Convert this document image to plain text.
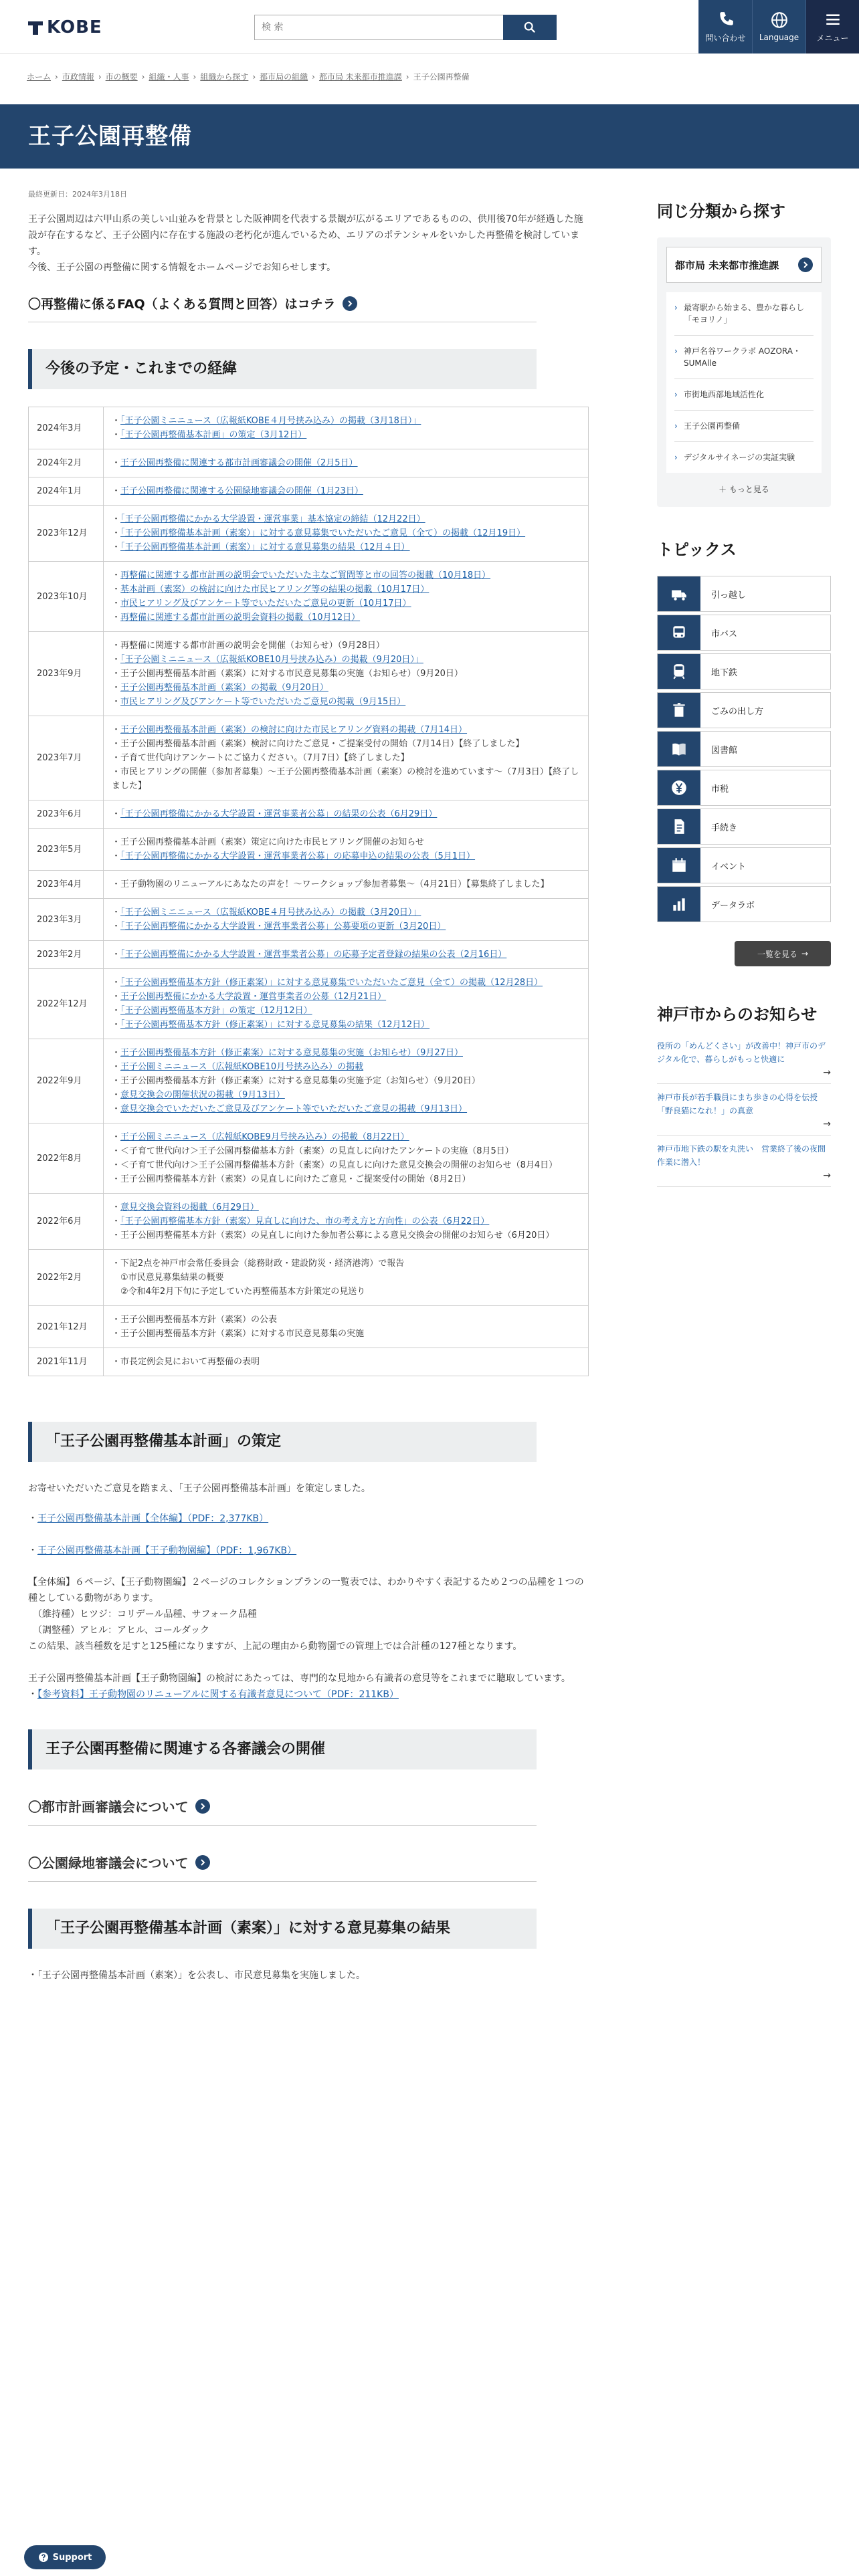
KOBE
検 索
問い合わせ Language メニュー
ホーム › 市政情報 › 市の概要 › 組織・人事 › 組織から探す › 都市局の組織 › 都市局 未来都市推進課 › 王子公園再整備
王子公園再整備
最終更新日：2024年3月18日
王子公園周辺は六甲山系の美しい山並みを背景とした阪神間を代表する景観が広がるエリアであるものの、供用後70年が経過した施設が存在するなど、王子公園内に存在する施設の老朽化が進んでいるため、エリアのポテンシャルをいかした再整備を検討しています。
今後、王子公園の再整備に関する情報をホームページでお知らせします。
〇再整備に係るFAQ（よくある質問と回答）はコチラ
今後の予定・これまでの経緯
2024年3月	・「王子公園ミニニュース（広報紙KOBE４月号挟み込み）の掲載（3月18日）」
・「王子公園再整備基本計画」の策定（3月12日）

2024年2月	・王子公園再整備に関連する都市計画審議会の開催（2月5日）

2024年1月	・王子公園再整備に関連する公園緑地審議会の開催（1月23日）

2023年12月	・「王子公園再整備にかかる大学設置・運営事業」基本協定の締結（12月22日）
・「王子公園再整備基本計画（素案）」に対する意見募集でいただいたご意見（全て）の掲載（12月19日）
・「王子公園再整備基本計画（素案）」に対する意見募集の結果（12月４日）

2023年10月	・再整備に関連する都市計画の説明会でいただいた主なご質問等と市の回答の掲載（10月18日）
・基本計画（素案）の検討に向けた市民ヒアリング等の結果の掲載（10月17日）
・市民ヒアリング及びアンケート等でいただいたご意見の更新（10月17日）
・再整備に関連する都市計画の説明会資料の掲載（10月12日）

2023年9月	・再整備に関連する都市計画の説明会を開催（お知らせ）（9月28日）
・「王子公園ミニニュース（広報紙KOBE10月号挟み込み）の掲載（9月20日）」
・王子公園再整備基本計画（素案）に対する市民意見募集の実施（お知らせ）（9月20日）
・王子公園再整備基本計画（素案）の掲載（9月20日）
・市民ヒアリング及びアンケート等でいただいたご意見の掲載（9月15日）

2023年7月	・王子公園再整備基本計画（素案）の検討に向けた市民ヒアリング資料の掲載（7月14日）
・王子公園再整備基本計画（素案）検討に向けたご意見・ご提案受付の開始（7月14日）【終了しました】
・子育て世代向けアンケートにご協力ください。（7月7日）【終了しました】
・市民ヒアリングの開催（参加者募集）～王子公園再整備基本計画（素案）の検討を進めています～（7月3日）【終了しました】

2023年6月	・「王子公園再整備にかかる大学設置・運営事業者公募」の結果の公表（6月29日）

2023年5月	・王子公園再整備基本計画（素案）策定に向けた市民ヒアリング開催のお知らせ
・「王子公園再整備にかかる大学設置・運営事業者公募」の応募申込の結果の公表（5月1日）

2023年4月	・王子動物園のリニューアルにあなたの声を！～ワークショップ参加者募集～（4月21日）【募集終了しました】

2023年3月	・「王子公園ミニニュース（広報紙KOBE４月号挟み込み）の掲載（3月20日）」
・「王子公園再整備にかかる大学設置・運営事業者公募」公募要項の更新（3月20日）

2023年2月	・「王子公園再整備にかかる大学設置・運営事業者公募」の応募予定者登録の結果の公表（2月16日）

2022年12月	・「王子公園再整備基本方針（修正素案）」に対する意見募集でいただいたご意見（全て）の掲載（12月28日）
・王子公園再整備にかかる大学設置・運営事業者の公募（12月21日）
・「王子公園再整備基本方針」の策定（12月12日）
・「王子公園再整備基本方針（修正素案）」に対する意見募集の結果（12月12日）

2022年9月	・王子公園再整備基本方針（修正素案）に対する意見募集の実施（お知らせ）（9月27日）
・王子公園ミニニュース（広報紙KOBE10月号挟み込み）の掲載
・王子公園再整備基本方針（修正素案）に対する意見募集の実施予定（お知らせ）（9月20日）
・意見交換会の開催状況の掲載（9月13日）
・意見交換会でいただいたご意見及びアンケート等でいただいたご意見の掲載（9月13日）

2022年8月	・王子公園ミニニュース（広報紙KOBE9月号挟み込み）の掲載（8月22日）
・＜子育て世代向け＞王子公園再整備基本方針（素案）の見直しに向けたアンケートの実施（8月5日）
・＜子育て世代向け＞王子公園再整備基本方針（素案）の見直しに向けた意見交換会の開催のお知らせ（8月4日）
・王子公園再整備基本方針（素案）の見直しに向けたご意見・ご提案受付の開始（8月2日）

2022年6月	・意見交換会資料の掲載（6月29日）
・「王子公園再整備基本方針（素案）見直しに向けた、市の考え方と方向性」の公表（6月22日）
・王子公園再整備基本方針（素案）の見直しに向けた参加者公募による意見交換会の開催のお知らせ（6月20日）

2022年2月	・下記2点を神戸市会常任委員会（総務財政・建設防災・経済港湾）で報告
　①市民意見募集結果の概要
　②令和4年2月下旬に予定していた再整備基本方針策定の見送り

2021年12月	・王子公園再整備基本方針（素案）の公表
・王子公園再整備基本方針（素案）に対する市民意見募集の実施

2021年11月	・市長定例会見において再整備の表明
「王子公園再整備基本計画」の策定
お寄せいただいたご意見を踏まえ、「王子公園再整備基本計画」を策定しました。
・ 王子公園再整備基本計画【全体編】（PDF：2,377KB）
・ 王子公園再整備基本計画【王子動物園編】（PDF：1,967KB）
【全体編】６ページ、【王子動物園編】２ページのコレクションプランの一覧表では、わかりやすく表記するため２つの品種を１つの種としている動物があります。
　（維持種）ヒツジ：コリデール品種、サフォーク品種
　（調整種）アヒル：アヒル、コールダック
この結果、該当種数を足すと125種になりますが、上記の理由から動物園での管理上では合計種の127種となります。
王子公園再整備基本計画【王子動物園編】の検討にあたっては、専門的な見地から有識者の意見等をこれまでに聴取しています。
・【参考資料】王子動物園のリニューアルに関する有識者意見について（PDF：211KB）
王子公園再整備に関連する各審議会の開催
〇都市計画審議会について
〇公園緑地審議会について
「王子公園再整備基本計画（素案）」に対する意見募集の結果
・「王子公園再整備基本計画（素案）」を公表し、市民意見募集を実施しました。
同じ分類から探す
都市局 未来都市推進課
› 最寄駅から始まる、豊かな暮らし「モヨリノ」
› 神戸名谷ワークラボ AOZORA・SUMAlle
› 市街地西部地域活性化
› 王子公園再整備
› デジタルサイネージの実証実験
＋ もっと見る
トピックス
引っ越し
市バス
地下鉄
ごみの出し方
図書館
市税
手続き
イベント
データラボ
一覧を見る →
神戸市からのお知らせ
役所の「めんどくさい」が改善中！神戸市のデジタル化で、暮らしがもっと快適に
→
神戸市長が若手職員にまち歩きの心得を伝授「野良猫になれ！」の真意
→
神戸市地下鉄の駅を丸洗い　営業終了後の夜間作業に潜入！
→
Support
